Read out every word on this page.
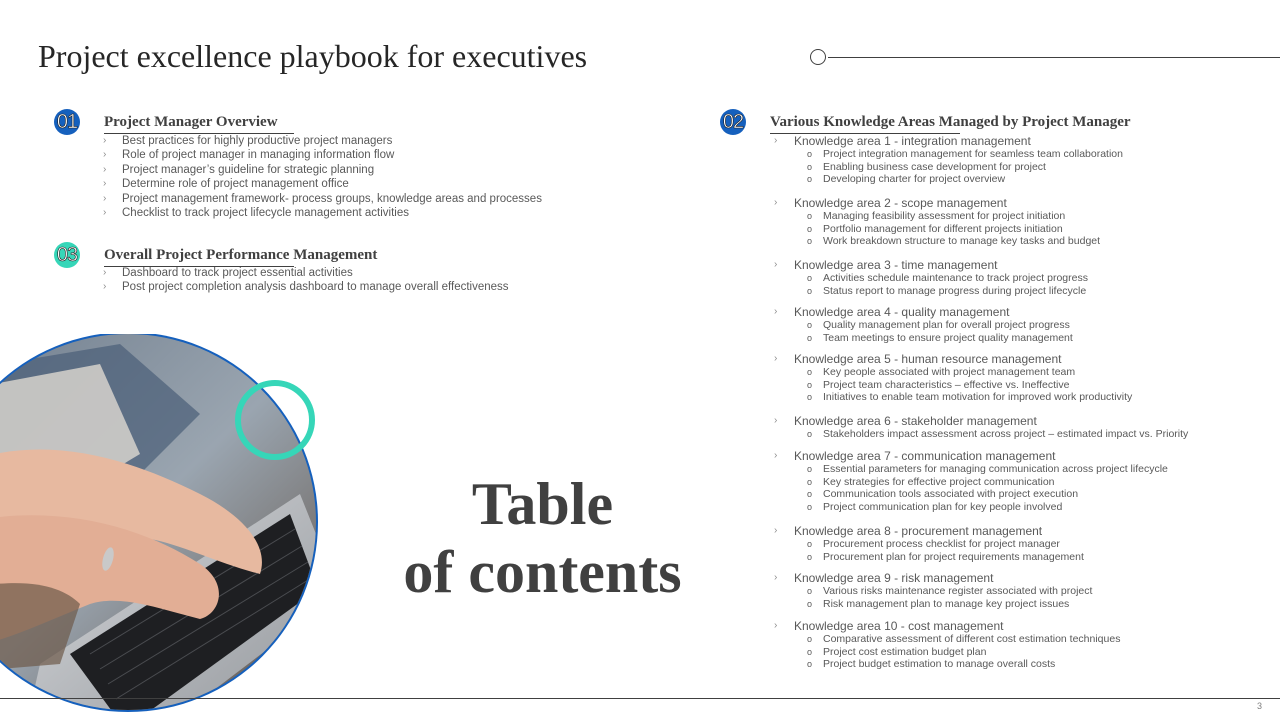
Project excellence playbook for executives
01 Project Manager Overview
› Best practices for highly productive project managers
› Role of project manager in managing information flow
› Project manager’s guideline for strategic planning
› Determine role of project management office
› Project management framework- process groups, knowledge areas and processes
› Checklist to track project lifecycle management activities
03 Overall Project Performance Management
› Dashboard to track project essential activities
› Post project completion analysis dashboard to manage overall effectiveness
02 Various Knowledge Areas Managed by Project Manager
› Knowledge area 1 - integration management
o Project integration management for seamless team collaboration
o Enabling business case development for project
o Developing charter for project overview
› Knowledge area 2 - scope management
o Managing feasibility assessment for project initiation
o Portfolio management for different projects initiation
o Work breakdown structure to manage key tasks and budget
› Knowledge area 3 - time management
o Activities schedule maintenance to track project progress
o Status report to manage progress during project lifecycle
› Knowledge area 4 - quality management
o Quality management plan for overall project progress
o Team meetings to ensure project quality management
› Knowledge area 5 - human resource management
o Key people associated with project management team
o Project team characteristics – effective vs. Ineffective
o Initiatives to enable team motivation for improved work productivity
› Knowledge area 6 - stakeholder management
o Stakeholders impact assessment across project – estimated impact vs. Priority
› Knowledge area 7 - communication management
o Essential parameters for managing communication across project lifecycle
o Key strategies for effective project communication
o Communication tools associated with project execution
o Project communication plan for key people involved
› Knowledge area 8 - procurement management
o Procurement process checklist for project manager
o Procurement plan for project requirements management
› Knowledge area 9 - risk management
o Various risks maintenance register associated with project
o Risk management plan to manage key project issues
› Knowledge area 10 - cost management
o Comparative assessment of different cost estimation techniques
o Project cost estimation budget plan
o Project budget estimation to manage overall costs
Table
of contents
3
